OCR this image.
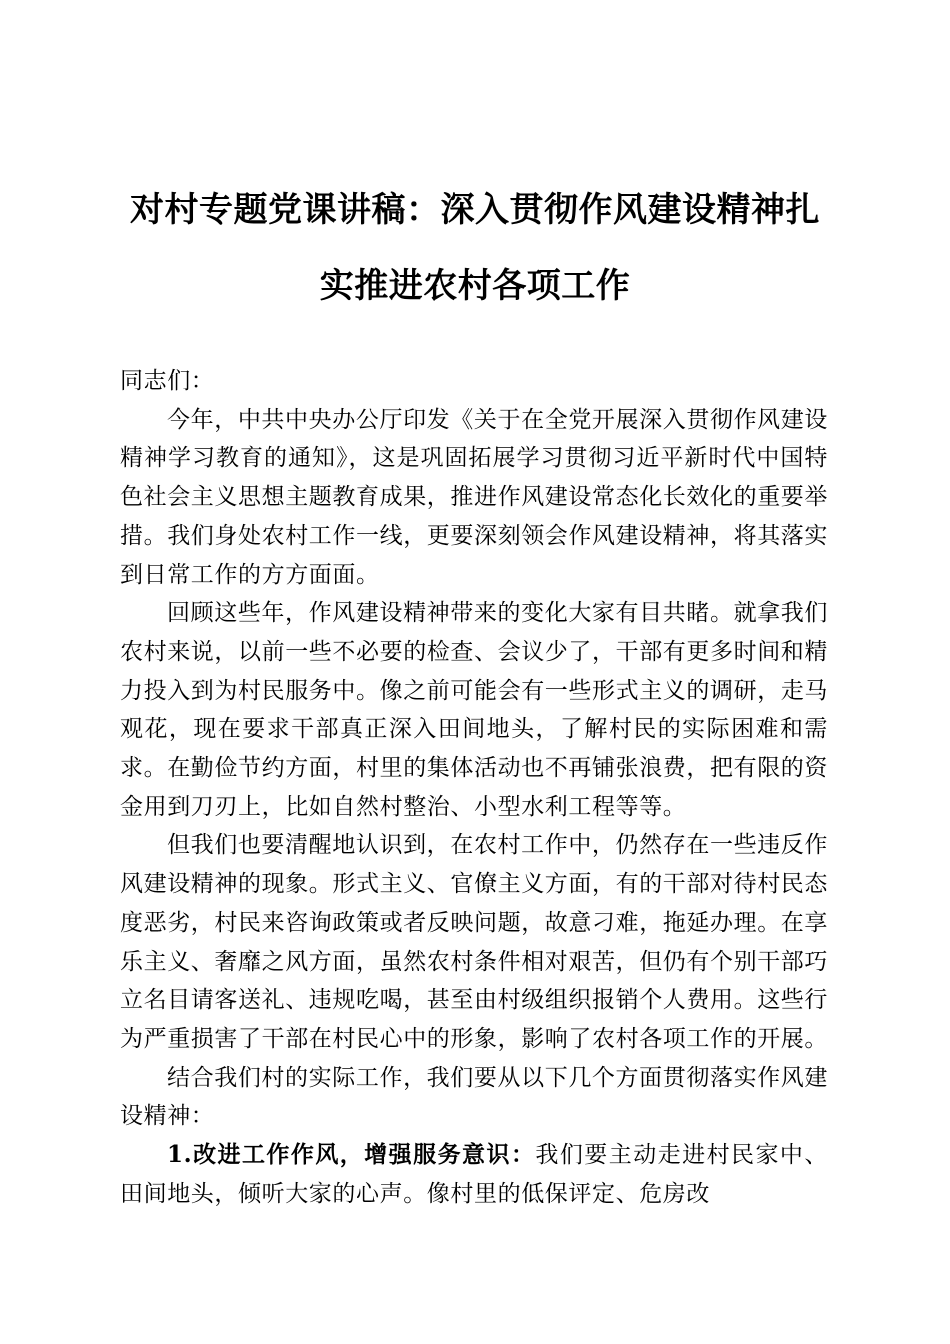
对村专题党课讲稿：深入贯彻作风建设精神扎
实推进农村各项工作

同志们：

今年，中共中央办公厅印发《关于在全党开展深入贯彻作风建设精神学习教育的通知》，这是巩固拓展学习贯彻习近平新时代中国特色社会主义思想主题教育成果，推进作风建设常态化长效化的重要举措。我们身处农村工作一线，更要深刻领会作风建设精神，将其落实到日常工作的方方面面。

回顾这些年，作风建设精神带来的变化大家有目共睹。就拿我们农村来说，以前一些不必要的检查、会议少了，干部有更多时间和精力投入到为村民服务中。像之前可能会有一些形式主义的调研，走马观花，现在要求干部真正深入田间地头，了解村民的实际困难和需求。在勤俭节约方面，村里的集体活动也不再铺张浪费，把有限的资金用到刀刃上，比如自然村整治、小型水利工程等等。

但我们也要清醒地认识到，在农村工作中，仍然存在一些违反作风建设精神的现象。形式主义、官僚主义方面，有的干部对待村民态度恶劣，村民来咨询政策或者反映问题，故意刁难，拖延办理。在享乐主义、奢靡之风方面，虽然农村条件相对艰苦，但仍有个别干部巧立名目请客送礼、违规吃喝，甚至由村级组织报销个人费用。这些行为严重损害了干部在村民心中的形象，影响了农村各项工作的开展。

结合我们村的实际工作，我们要从以下几个方面贯彻落实作风建设精神：

1.改进工作作风，增强服务意识：我们要主动走进村民家中、田间地头，倾听大家的心声。像村里的低保评定、危房改
